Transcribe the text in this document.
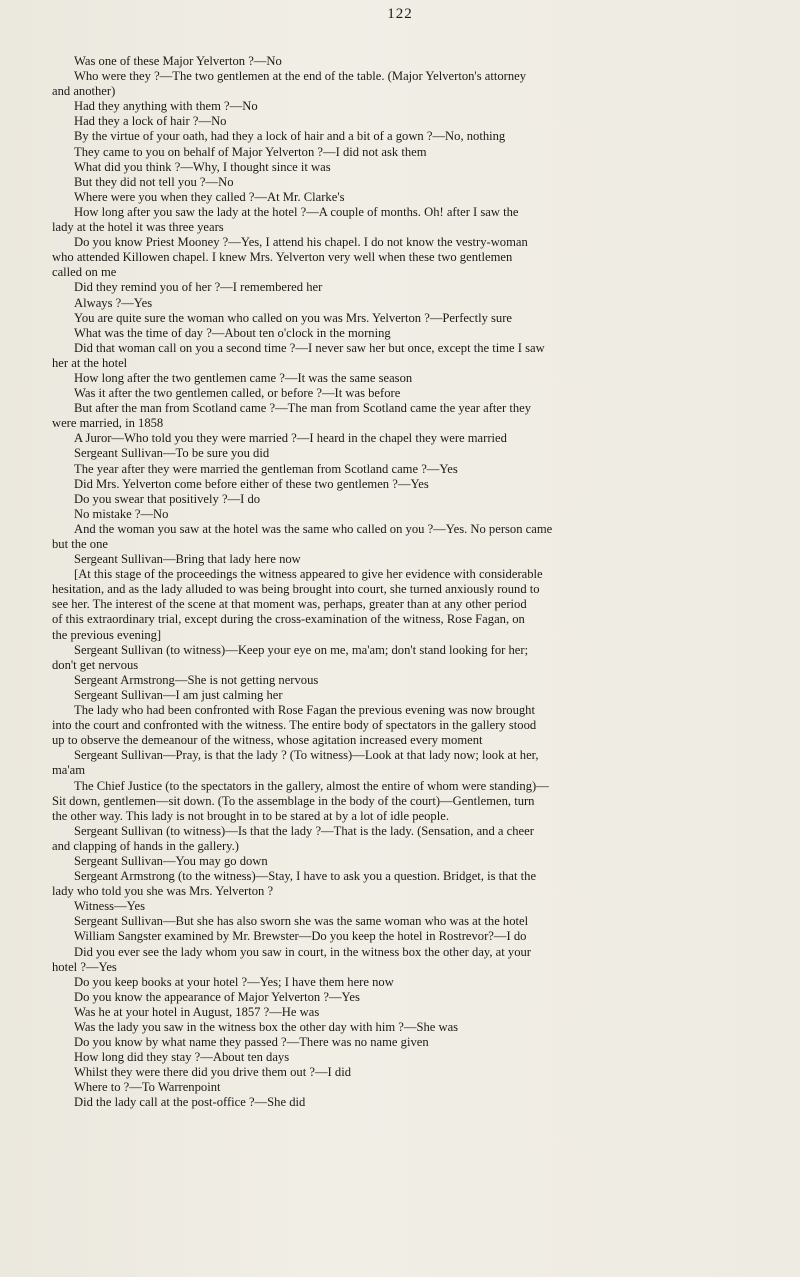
122
Was one of these Major Yelverton ?—No
Who were they ?—The two gentlemen at the end of the table. (Major Yelverton's attorney
and another)
Had they anything with them ?—No
Had they a lock of hair ?—No
By the virtue of your oath, had they a lock of hair and a bit of a gown ?—No, nothing
They came to you on behalf of Major Yelverton ?—I did not ask them
What did you think ?—Why, I thought since it was
But they did not tell you ?—No
Where were you when they called ?—At Mr. Clarke's
How long after you saw the lady at the hotel ?—A couple of months. Oh! after I saw the
lady at the hotel it was three years
Do you know Priest Mooney ?—Yes, I attend his chapel. I do not know the vestry-woman
who attended Killowen chapel. I knew Mrs. Yelverton very well when these two gentlemen
called on me
Did they remind you of her ?—I remembered her
Always ?—Yes
You are quite sure the woman who called on you was Mrs. Yelverton ?—Perfectly sure
What was the time of day ?—About ten o'clock in the morning
Did that woman call on you a second time ?—I never saw her but once, except the time I saw
her at the hotel
How long after the two gentlemen came ?—It was the same season
Was it after the two gentlemen called, or before ?—It was before
But after the man from Scotland came ?—The man from Scotland came the year after they
were married, in 1858
A Juror—Who told you they were married ?—I heard in the chapel they were married
Sergeant Sullivan—To be sure you did
The year after they were married the gentleman from Scotland came ?—Yes
Did Mrs. Yelverton come before either of these two gentlemen ?—Yes
Do you swear that positively ?—I do
No mistake ?—No
And the woman you saw at the hotel was the same who called on you ?—Yes. No person came
but the one
Sergeant Sullivan—Bring that lady here now
[At this stage of the proceedings the witness appeared to give her evidence with considerable
hesitation, and as the lady alluded to was being brought into court, she turned anxiously round to
see her. The interest of the scene at that moment was, perhaps, greater than at any other period
of this extraordinary trial, except during the cross-examination of the witness, Rose Fagan, on
the previous evening]
Sergeant Sullivan (to witness)—Keep your eye on me, ma'am; don't stand looking for her;
don't get nervous
Sergeant Armstrong—She is not getting nervous
Sergeant Sullivan—I am just calming her
The lady who had been confronted with Rose Fagan the previous evening was now brought
into the court and confronted with the witness. The entire body of spectators in the gallery stood
up to observe the demeanour of the witness, whose agitation increased every moment
Sergeant Sullivan—Pray, is that the lady ? (To witness)—Look at that lady now; look at her,
ma'am
The Chief Justice (to the spectators in the gallery, almost the entire of whom were standing)—
Sit down, gentlemen—sit down. (To the assemblage in the body of the court)—Gentlemen, turn
the other way. This lady is not brought in to be stared at by a lot of idle people.
Sergeant Sullivan (to witness)—Is that the lady ?—That is the lady. (Sensation, and a cheer
and clapping of hands in the gallery.)
Sergeant Sullivan—You may go down
Sergeant Armstrong (to the witness)—Stay, I have to ask you a question. Bridget, is that the
lady who told you she was Mrs. Yelverton ?
Witness—Yes
Sergeant Sullivan—But she has also sworn she was the same woman who was at the hotel
William Sangster examined by Mr. Brewster—Do you keep the hotel in Rostrevor?—I do
Did you ever see the lady whom you saw in court, in the witness box the other day, at your
hotel ?—Yes
Do you keep books at your hotel ?—Yes; I have them here now
Do you know the appearance of Major Yelverton ?—Yes
Was he at your hotel in August, 1857 ?—He was
Was the lady you saw in the witness box the other day with him ?—She was
Do you know by what name they passed ?—There was no name given
How long did they stay ?—About ten days
Whilst they were there did you drive them out ?—I did
Where to ?—To Warrenpoint
Did the lady call at the post-office ?—She did
